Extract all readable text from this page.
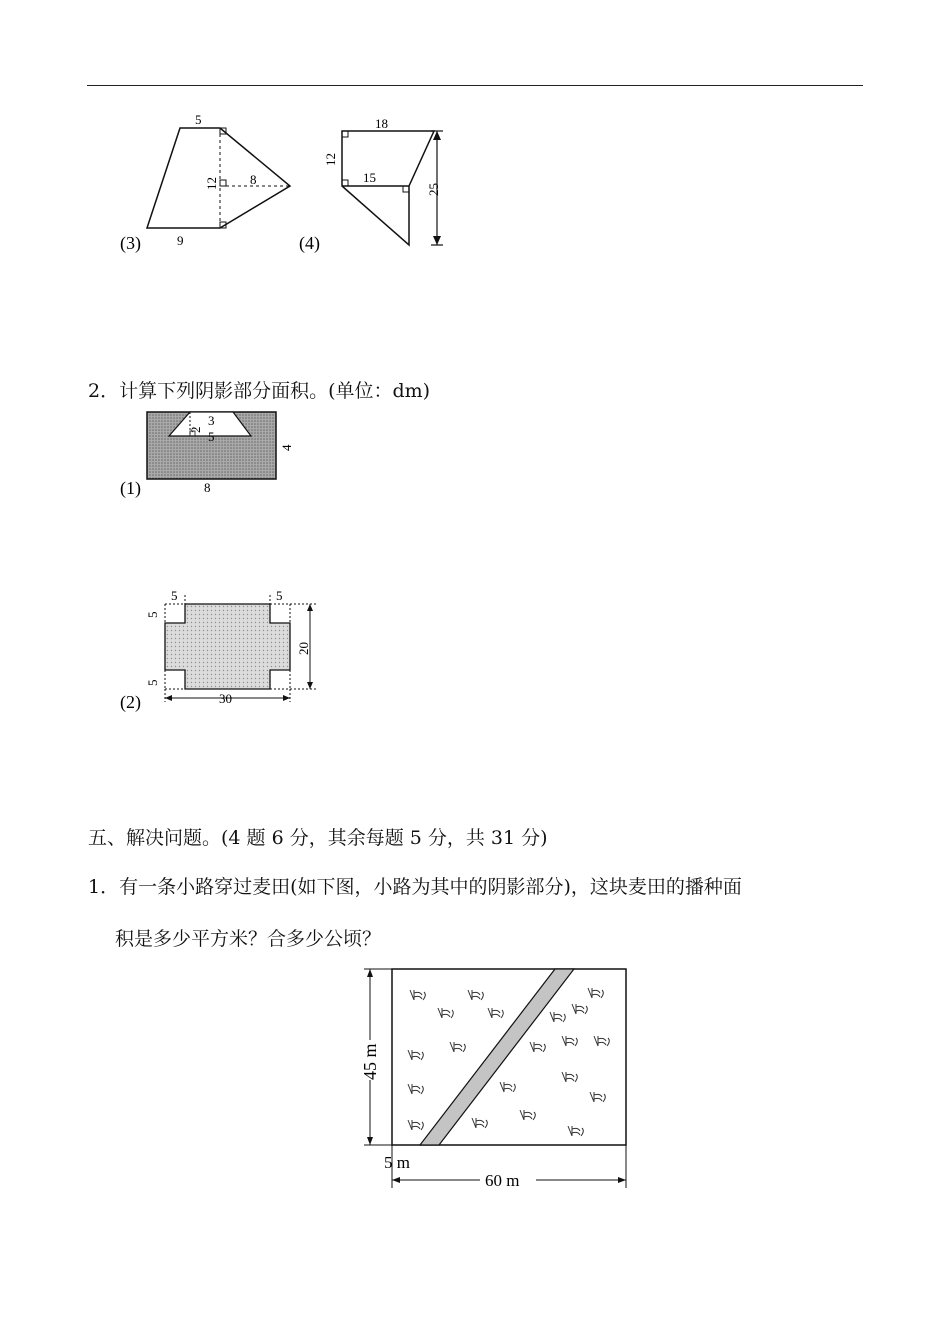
5
12 8
9
(3)
18
12
15
25
(4)
2．计算下列阴影部分面积。(单位：dm)
3
2 5
4
8
(1)
5	5
5
5
20
30
(2)
五、解决问题。(4 题 6 分，其余每题 5 分，共 31 分)
1．有一条小路穿过麦田(如下图，小路为其中的阴影部分)，这块麦田的播种面
积是多少平方米？合多少公顷？
45 m
5 m
60 m
